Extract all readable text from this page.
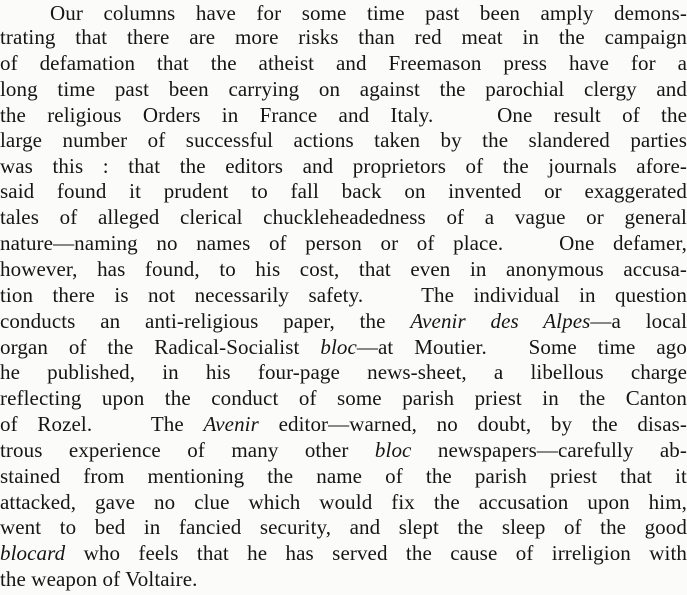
Our columns have for some time past been amply demons-
trating that there are more risks than red meat in the campaign
of defamation that the atheist and Freemason press have for a
long time past been carrying on against the parochial clergy and
the religious Orders in France and Italy.   One result of the
large number of successful actions taken by the slandered parties
was this : that the editors and proprietors of the journals afore-
said found it prudent to fall back on invented or exaggerated
tales of alleged clerical chuckleheadedness of a vague or general
nature—naming no names of person or of place.   One defamer,
however, has found, to his cost, that even in anonymous accusa-
tion there is not necessarily safety.   The individual in question
conducts an anti-religious paper, the Avenir des Alpes—a local
organ of the Radical-Socialist bloc—at Moutier.  Some time ago
he published, in his four-page news-sheet, a libellous charge
reflecting upon the conduct of some parish priest in the Canton
of Rozel.   The Avenir editor—warned, no doubt, by the disas-
trous experience of many other bloc newspapers—carefully ab-
stained from mentioning the name of the parish priest that it
attacked, gave no clue which would fix the accusation upon him,
went to bed in fancied security, and slept the sleep of the good
blocard who feels that he has served the cause of irreligion with
the weapon of Voltaire.
